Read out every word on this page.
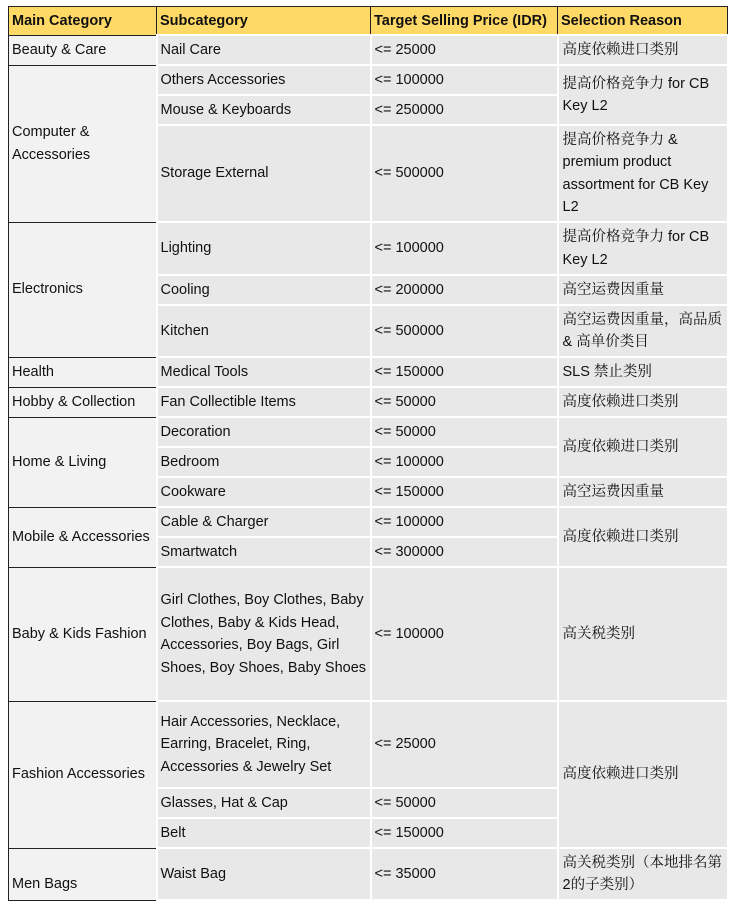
Main Category	Subcategory	Target Selling Price (IDR)	Selection Reason
Beauty & Care	Nail Care	<= 25000	高度依赖进口类别
Computer & Accessories	Others Accessories	<= 100000	提高价格竞争力 for CB Key L2
	Mouse & Keyboards	<= 250000	
	Storage External	<= 500000	提高价格竞争力 & premium product assortment for CB Key L2
Electronics	Lighting	<= 100000	提高价格竞争力 for CB Key L2
	Cooling	<= 200000	高空运费因重量
	Kitchen	<= 500000	高空运费因重量，高品质 & 高单价类目
Health	Medical Tools	<= 150000	SLS 禁止类别
Hobby & Collection	Fan Collectible Items	<= 50000	高度依赖进口类别
Home & Living	Decoration	<= 50000	高度依赖进口类别
	Bedroom	<= 100000	
	Cookware	<= 150000	高空运费因重量
Mobile & Accessories	Cable & Charger	<= 100000	高度依赖进口类别
	Smartwatch	<= 300000	
Baby & Kids Fashion	Girl Clothes, Boy Clothes, Baby Clothes, Baby & Kids Head, Accessories, Boy Bags, Girl Shoes, Boy Shoes, Baby Shoes	<= 100000	高关税类别
Fashion Accessories	Hair Accessories, Necklace, Earring, Bracelet, Ring, Accessories & Jewelry Set	<= 25000	高度依赖进口类别
	Glasses, Hat & Cap	<= 50000	
	Belt	<= 150000	
Men Bags	Waist Bag	<= 35000	高关税类别（本地排名第2的子类别）
